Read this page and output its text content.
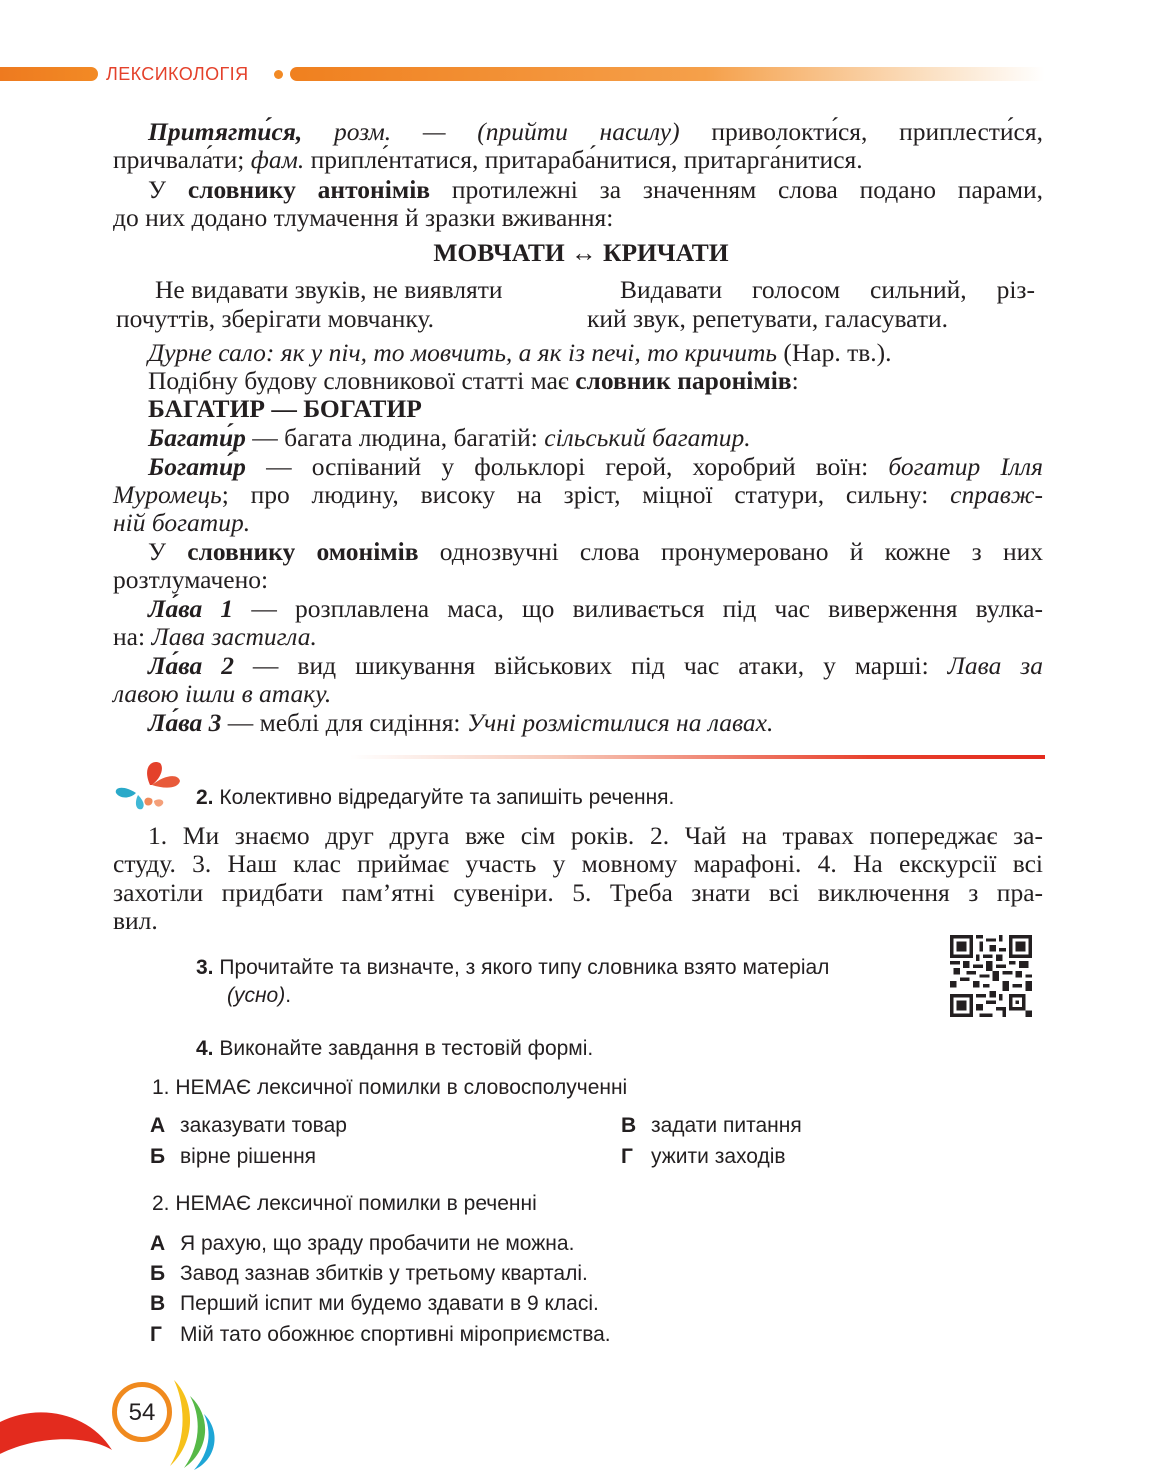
ЛЕКСИКОЛОГІЯ
Притягти́ся, розм. — (прийти насилу) приволокти́ся, приплести́ся,
причвала́ти; фам. припле́нтатися, притараба́нитися, притарга́нитися.
У словнику антонімів протилежні за значенням слова подано парами,
до них додано тлумачення й зразки вживання:
МОВЧАТИ ↔ КРИЧАТИ
Не видавати звуків, не виявляти
почуттів, зберігати мовчанку.
Видавати голосом сильний, різ-
кий звук, репетувати, галасувати.
Дурне сало: як у піч, то мовчить, а як із печі, то кричить (Нар. тв.).
Подібну будову словникової статті має словник паронімів:
БАГАТИР — БОГАТИР
Багати́р — багата людина, багатій: сільський багатир.
Богати́р — оспіваний у фольклорі герой, хоробрий воїн: богатир Ілля
Муромець; про людину, високу на зріст, міцної статури, сильну: справж-
ній богатир.
У словнику омонімів однозвучні слова пронумеровано й кожне з них
розтлумачено:
Ла́ва 1 — розплавлена маса, що виливається під час виверження вулка-
на: Лава застигла.
Ла́ва 2 — вид шикування військових під час атаки, у марші: Лава за
лавою ішли в атаку.
Ла́ва 3 — меблі для сидіння: Учні розмістилися на лавах.
2. Колективно відредагуйте та запишіть речення.
1. Ми знаємо друг друга вже сім років. 2. Чай на травах попереджає за-
студу. 3. Наш клас приймає участь у мовному марафоні. 4. На екскурсії всі
захотіли придбати пам’ятні сувеніри. 5. Треба знати всі виключення з пра-
вил.
3. Прочитайте та визначте, з якого типу словника взято матеріал
(усно).
4. Виконайте завдання в тестовій формі.
1. НЕМАЄ лексичної помилки в словосполученні
А заказувати товар
Б вірне рішення
В задати питання
Г ужити заходів
2. НЕМАЄ лексичної помилки в реченні
А Я рахую, що зраду пробачити не можна.
Б Завод зазнав збитків у третьому кварталі.
В Перший іспит ми будемо здавати в 9 класі.
Г Мій тато обожнює спортивні міроприємства.
54
